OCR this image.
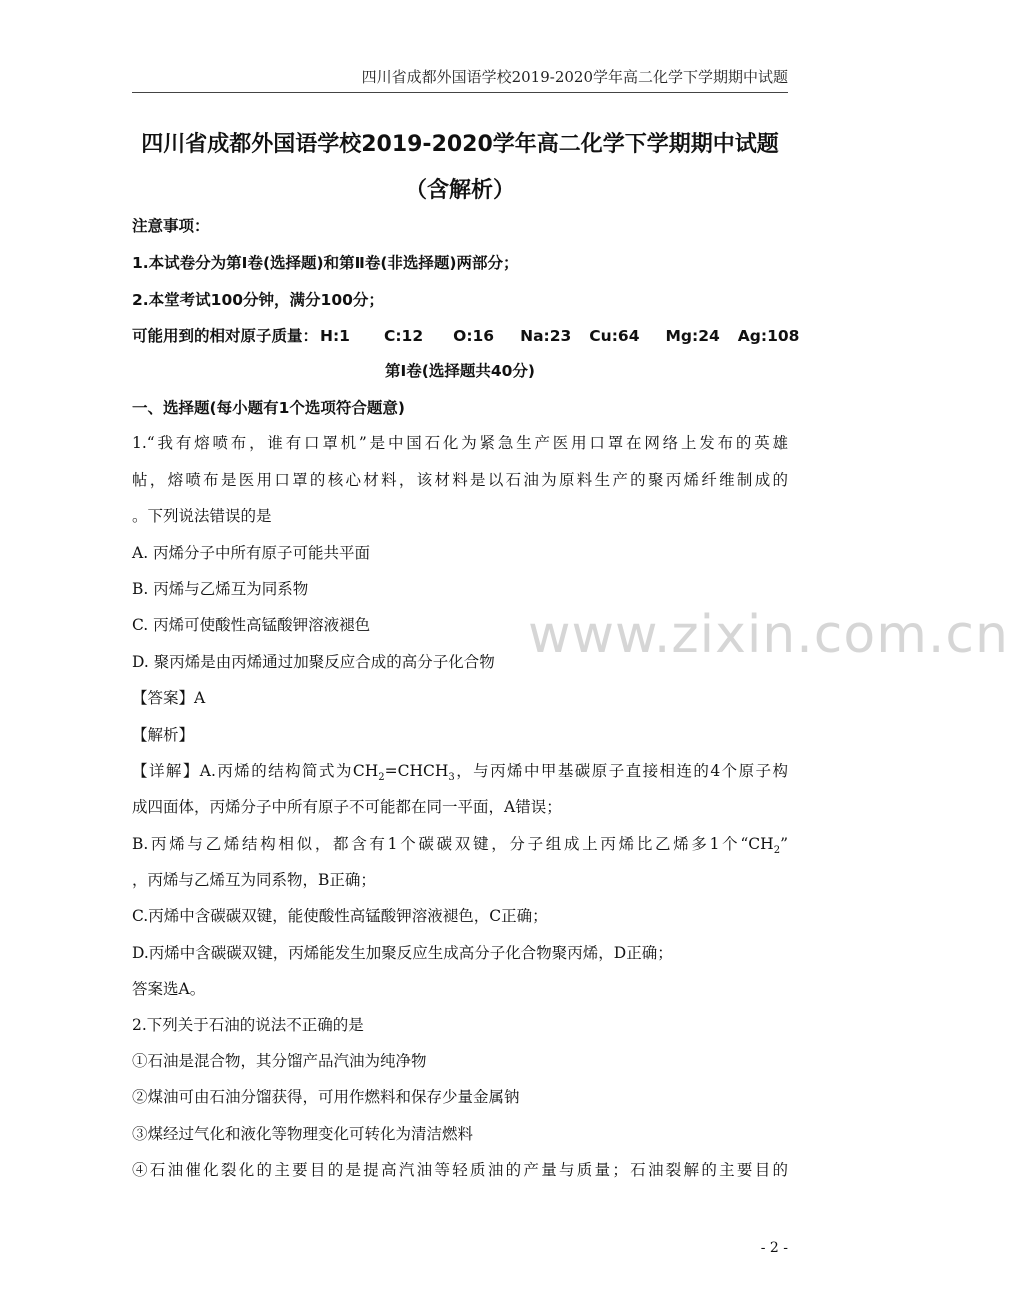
四川省成都外国语学校2019-2020学年高二化学下学期期中试题
四川省成都外国语学校2019-2020学年高二化学下学期期中试题
（含解析）
注意事项：
1.本试卷分为第Ⅰ卷(选择题)和第Ⅱ卷(非选择题)两部分；
2.本堂考试100分钟，满分100分；
可能用到的相对原子质量： H:1 C:12 O:16 Na:23 Cu:64 Mg:24 Ag:108
第Ⅰ卷(选择题共40分)
一、选择题(每小题有1个选项符合题意)
1.“我有熔喷布，谁有口罩机”是中国石化为紧急生产医用口罩在网络上发布的英雄
帖，熔喷布是医用口罩的核心材料，该材料是以石油为原料生产的聚丙烯纤维制成的
。下列说法错误的是
A. 丙烯分子中所有原子可能共平面
B. 丙烯与乙烯互为同系物
C. 丙烯可使酸性高锰酸钾溶液褪色
D. 聚丙烯是由丙烯通过加聚反应合成的高分子化合物
【答案】A
【解析】
【详解】A.丙烯的结构简式为$CH_2=CHCH_3$，与丙烯中甲基碳原子直接相连的4个原子构
成四面体，丙烯分子中所有原子不可能都在同一平面，A错误；
B.丙烯与乙烯结构相似，都含有1个碳碳双键，分子组成上丙烯比乙烯多1个“$CH_2$”
，丙烯与乙烯互为同系物，B正确；
C.丙烯中含碳碳双键，能使酸性高锰酸钾溶液褪色，C正确；
D.丙烯中含碳碳双键，丙烯能发生加聚反应生成高分子化合物聚丙烯，D正确；
答案选A。
2.下列关于石油的说法不正确的是
①石油是混合物，其分馏产品汽油为纯净物
②煤油可由石油分馏获得，可用作燃料和保存少量金属钠
③煤经过气化和液化等物理变化可转化为清洁燃料
④石油催化裂化的主要目的是提高汽油等轻质油的产量与质量；石油裂解的主要目的
www.zixin.com.cn
- 2 -
